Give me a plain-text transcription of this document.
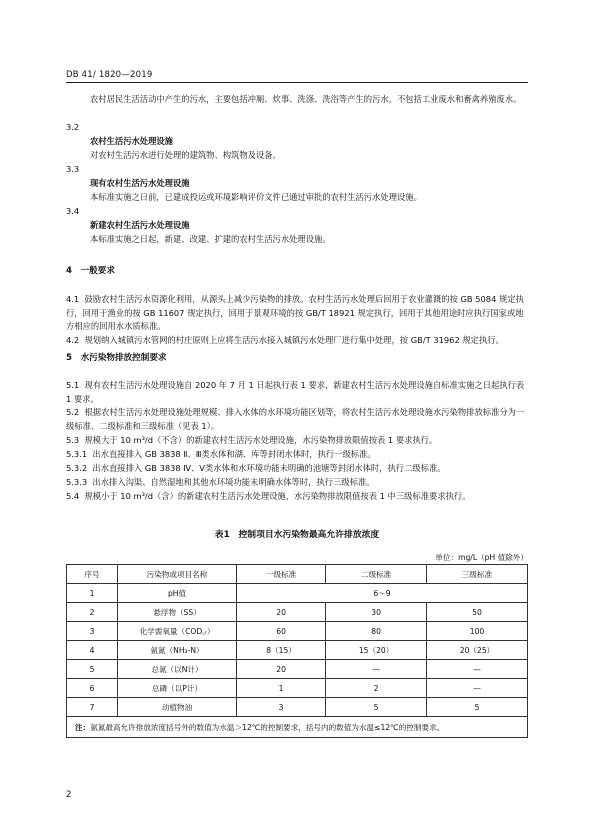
DB 41/ 1820—2019
农村居民生活活动中产生的污水，主要包括冲厕、炊事、洗涤、洗浴等产生的污水，不包括工业废水和畜禽养殖废水。
3.2
农村生活污水处理设施
对农村生活污水进行处理的建筑物、构筑物及设备。
3.3
现有农村生活污水处理设施
本标准实施之日前，已建成投运或环境影响评价文件已通过审批的农村生活污水处理设施。
3.4
新建农村生活污水处理设施
本标准实施之日起，新建、改建、扩建的农村生活污水处理设施。
4　一般要求
4.1 鼓励农村生活污水资源化利用，从源头上减少污染物的排放。农村生活污水处理后回用于农业灌溉的按 GB 5084 规定执行，回用于渔业的按 GB 11607 规定执行，回用于景观环境的按 GB/T 18921 规定执行，回用于其他用途时应执行国家或地方相应的回用水水质标准。
4.2 规划纳入城镇污水管网的村庄原则上应将生活污水接入城镇污水处理厂进行集中处理，按 GB/T 31962 规定执行。
5　水污染物排放控制要求
5.1 现有农村生活污水处理设施自 2020 年 7 月 1 日起执行表 1 要求，新建农村生活污水处理设施自标准实施之日起执行表 1 要求。
5.2 根据农村生活污水处理设施处理规模、排入水体的水环境功能区划等，将农村生活污水处理设施水污染物排放标准分为一级标准、二级标准和三级标准（见表 1）。
5.3 规模大于 10 m³/d（不含）的新建农村生活污水处理设施，水污染物排放限值按表 1 要求执行。
5.3.1 出水直接排入 GB 3838 Ⅱ、Ⅲ类水体和湖、库等封闭水体时，执行一级标准。
5.3.2 出水直接排入 GB 3838 Ⅳ、Ⅴ类水体和水环境功能未明确的池塘等封闭水体时，执行二级标准。
5.3.3 出水排入沟渠、自然湿地和其他水环境功能未明确水体等时，执行三级标准。
5.4 规模小于 10 m³/d（含）的新建农村生活污水处理设施，水污染物排放限值按表 1 中三级标准要求执行。
表1　控制项目水污染物最高允许排放浓度
单位：mg/L（pH 值除外）
序号	污染物或项目名称	一级标准	二级标准	三级标准
1	pH值	6～9		
2	悬浮物（SS）	20	30	50
3	化学需氧量（COD꜀ᵣ）	60	80	100
4	氨氮（NH₃-N）	8（15）	15（20）	20（25）
5	总氮（以N计）	20	—	—
6	总磷（以P计）	1	2	—
7	动植物油	3	5	5
注：氨氮最高允许排放浓度括号外的数值为水温＞12℃的控制要求，括号内的数值为水温≤12℃的控制要求。				
2
